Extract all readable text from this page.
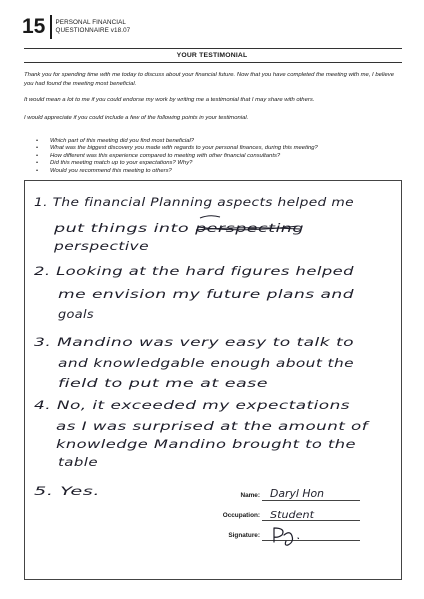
15	PERSONAL FINANCIAL
QUESTIONNAIRE v18.07
YOUR TESTIMONIAL

Thank you for spending time with me today to discuss about your financial future. Now that you have completed the meeting with me, I believe you had found the meeting most beneficial.

It would mean a lot to me if you could endorse my work by writing me a testimonial that I may share with others.

I would appreciate if you could include a few of the following points in your testimonial.

• Which part of this meeting did you find most beneficial?
• What was the biggest discovery you made with regards to your personal finances, during this meeting?
• How different was this experience compared to meeting with other financial consultants?
• Did this meeting match up to your expectations? Why?
• Would you recommend this meeting to others?
1. The financial Planning aspects helped me
put things into perspecting
perspective
2. Looking at the hard figures helped
me envision my future plans and
goals
3. Mandino was very easy to talk to
and knowledgable enough about the
field to put me at ease
4. No, it exceeded my expectations
as I was surprised at the amount of
knowledge Mandino brought to the
table
5. Yes.	Name: Daryl Hon
Occupation: Student
Signature:
